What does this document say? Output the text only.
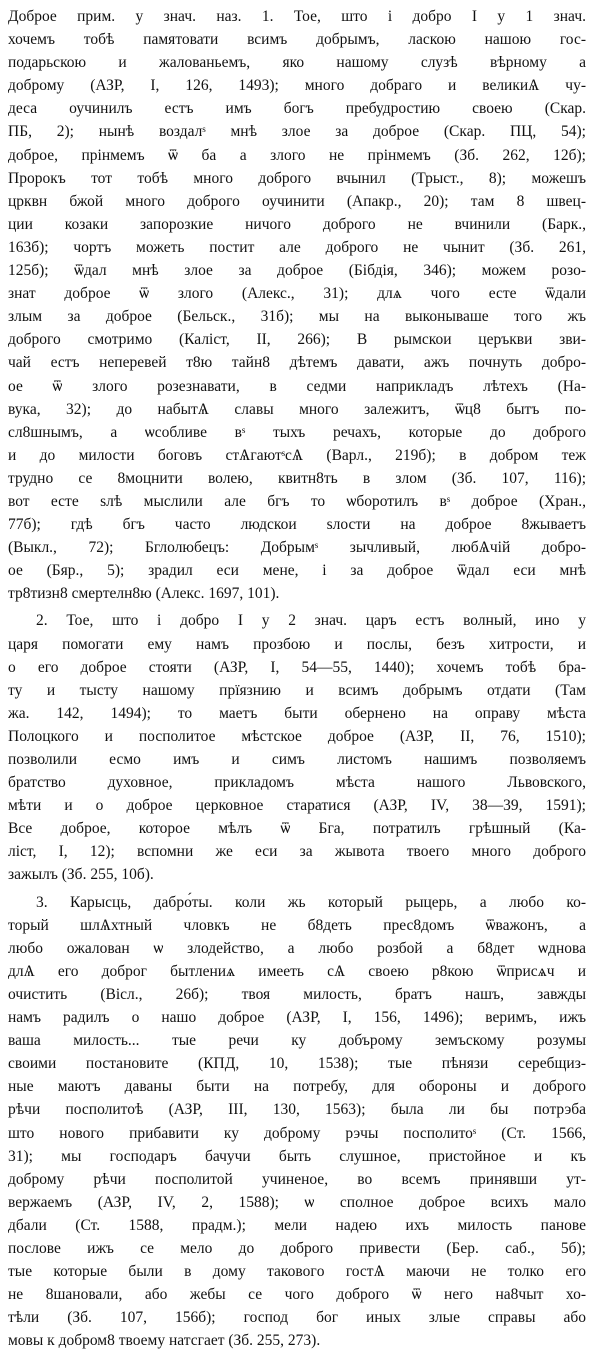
Доброе прим. у знач. наз. 1. Тое, што і добро I у 1 знач.
хочемъ тобѣ памятовати всимъ добрымъ, ласкою нашою гос-
подарьскою и жалованьемъ, яко нашому слузѣ вѣрному а
доброму (АЗР, I, 126, 1493); много добраго и великиѦ чу-
деса оучинилъ естъ имъ богъ пребудростию своею (Скар.
ПБ, 2); нынѣ воздалˢ мнѣ злое за доброе (Скар. ПЦ, 54);
доброе, прінмемъ ѿ ба а злого не прінмемъ (Зб. 262, 12б);
Пророкъ тот тобѣ много доброго вчынил (Трыст., 8); можешъ
црквн бжой много доброго оучинити (Апакр., 20); там 8 швец-
ции козаки запорозкие ничого доброго не вчинили (Барк.,
163б); чортъ можеть постит але доброго не чынит (Зб. 261,
125б); ѿдал мнѣ злое за доброе (Бібдія, 346); можем розо-
знат доброе ѿ злого (Алекс., 31); длѧ чого есте ѿдали
злым за доброе (Бельск., 31б); мы на выконываше того жъ
доброго смотримо (Каліст, II, 266); В рымскои церъкви зви-
чай естъ неперевей т8ю тайн8 дѣтемъ давати, ажъ почнуть добро-
ое ѿ злого розезнавати, в седми наприкладъ лѣтехъ (На-
вука, 32); до набытѦ славы много залежитъ, ѿц8 бытъ по-
сл8шнымъ, а ѡсобливе вˢ тыхъ речахъ, которые до доброго
и до милости боговъ стѦгаютˢсѦ (Варл., 219б); в добром теж
трудно се 8моцнити волею, квитн8ть в злом (Зб. 107, 116);
вот есте ѕлѣ мыслили але бгъ то ѡборотилъ вˢ доброе (Хран.,
77б); гдѣ бгъ часто людскои ѕлости на доброе 8жываетъ
(Выкл., 72); Бглолюбецъ: Добрымˢ зычливый, любѦчій добро-
ое (Бяр., 5); зрадил еси мене, і за доброе ѿдал еси мнѣ
тр8тизн8 смертелн8ю (Алекс. 1697, 101).
2. Тое, што і добро I у 2 знач. царъ естъ волный, ино у
царя помогати ему намъ прозбою и послы, безъ хитрости, и
о его доброе стояти (АЗР, I, 54—55, 1440); хочемъ тобѣ бра-
ту и тысту нашому прїязнию и всимъ добрымъ отдати (Там
жа. 142, 1494); то маетъ быти обернено на оправу мѣста
Полоцкого и посполитое мѣстское доброе (АЗР, II, 76, 1510);
позволили есмо имъ и симъ листомъ нашимъ позволяемъ
братство духовное, прикладомъ мѣста нашого Львовского,
мѣти и о доброе церковное старатися (АЗР, IV, 38—39, 1591);
Все доброе, которое мѣлъ ѿ Бга, потратилъ грѣшный (Ка-
ліст, I, 12); вспомни же еси за жывота твоего много доброго
зажылъ (Зб. 255, 10б).
3. Карысць, дабро́ты. коли жь который рыцерь, а любо ко-
торый шлѦхтный чловкъ не б8деть прес8домъ ѿважонъ, а
любо ожалован ѡ злодейство, а любо розбой а б8дет ѡднова
длѦ его доброг бытлениѧ имееть сѦ своею р8кою ѿприсѧч и
очистить (Вісл., 26б); твоя милость, братъ нашъ, завжды
намъ радилъ о нашо доброе (АЗР, I, 156, 1496); веримъ, ижъ
ваша милость... тые речи ку добърому земъскому розумы
своими постановите (КПД, 10, 1538); тые пѣнязи серебщиз-
ные маютъ даваны быти на потребу, для обороны и доброго
рѣчи посполитоѣ (АЗР, III, 130, 1563); была ли бы потрэба
што нового прибавити ку доброму рэчы посполитоˢ (Ст. 1566,
31); мы господаръ бачучи быть слушное, пристойное и къ
доброму рѣчи посполитой учиненое, во всемъ принявши ут-
вержаемъ (АЗР, IV, 2, 1588); ѡ сполное доброе всихъ мало
дбали (Ст. 1588, прадм.); мели надею ихъ милость панове
послове ижъ се мело до доброго привести (Бер. саб., 5б);
тые которые были в дому таковогo гостѦ маючи не толко его
не 8шановали, або жебы се чого доброго ѿ него на8чыт хо-
тѣли (Зб. 107, 156б); господ бог иных злые справы або
мовы к добром8 твоему натсгает (Зб. 255, 273).
